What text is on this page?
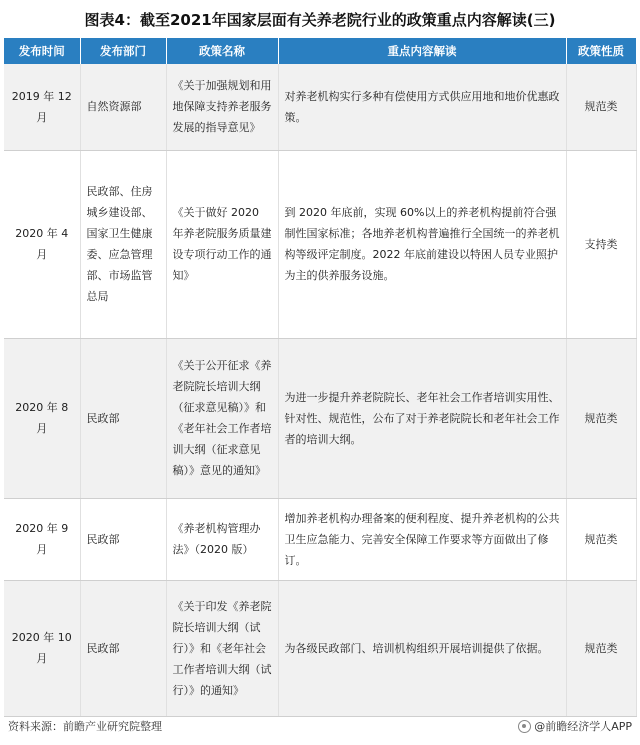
图表4：截至2021年国家层面有关养老院行业的政策重点内容解读(三)
发布时间	发布部门	政策名称	重点内容解读	政策性质
2019 年 12 月	自然资源部	《关于加强规划和用地保障支持养老服务发展的指导意见》	对养老机构实行多种有偿使用方式供应用地和地价优惠政策。	规范类
2020 年 4 月	民政部、住房城乡建设部、国家卫生健康委、应急管理部、市场监管总局	《关于做好 2020 年养老院服务质量建设专项行动工作的通知》	到 2020 年底前，实现 60%以上的养老机构提前符合强制性国家标准；各地养老机构普遍推行全国统一的养老机构等级评定制度。2022 年底前建设以特困人员专业照护为主的供养服务设施。	支持类
2020 年 8 月	民政部	《关于公开征求《养老院院长培训大纲（征求意见稿）》和《老年社会工作者培训大纲（征求意见稿）》意见的通知》	为进一步提升养老院院长、老年社会工作者培训实用性、针对性、规范性，公布了对于养老院院长和老年社会工作者的培训大纲。	规范类
2020 年 9 月	民政部	《养老机构管理办法》（2020 版）	增加养老机构办理备案的便利程度、提升养老机构的公共卫生应急能力、完善安全保障工作要求等方面做出了修订。	规范类
2020 年 10 月	民政部	《关于印发《养老院院长培训大纲（试行）》和《老年社会工作者培训大纲（试行）》的通知》	为各级民政部门、培训机构组织开展培训提供了依据。	规范类
资料来源：前瞻产业研究院整理	@前瞻经济学人APP
